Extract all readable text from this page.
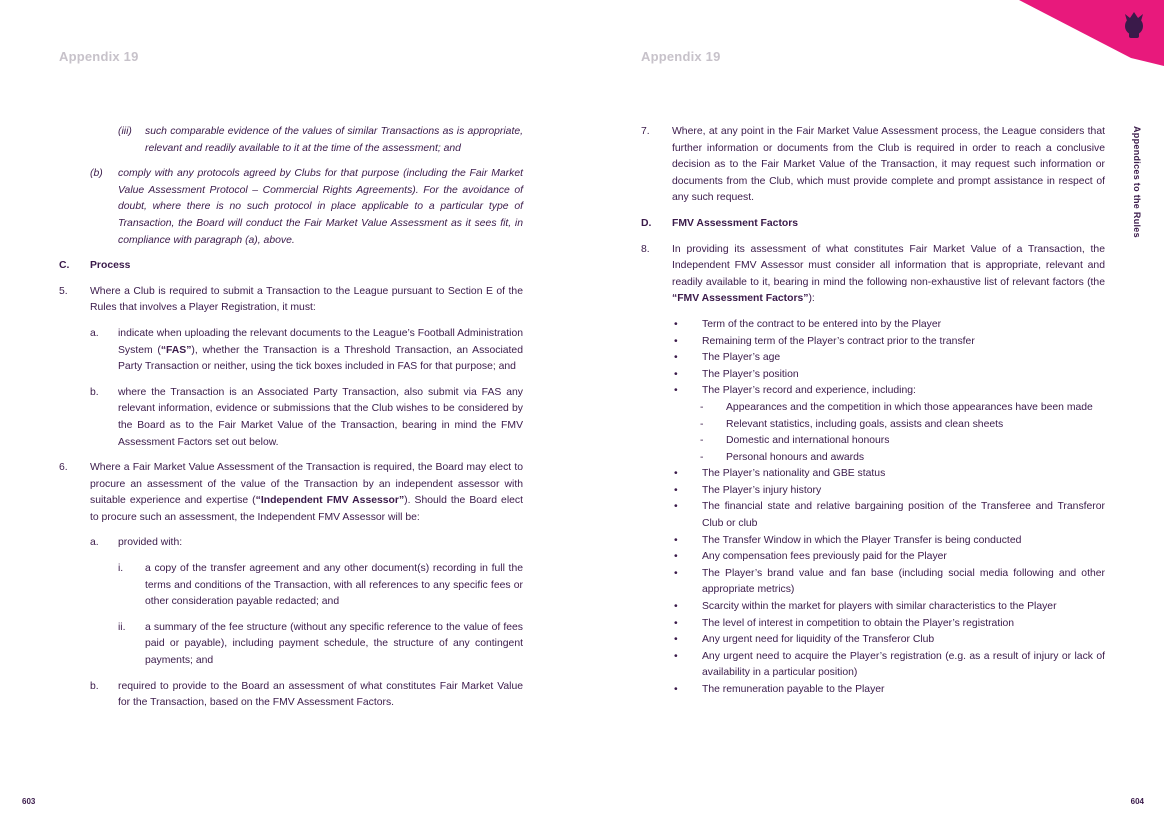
Appendix 19
(iii)	such comparable evidence of the values of similar Transactions as is appropriate, relevant and readily available to it at the time of the assessment; and
(b)	comply with any protocols agreed by Clubs for that purpose (including the Fair Market Value Assessment Protocol – Commercial Rights Agreements). For the avoidance of doubt, where there is no such protocol in place applicable to a particular type of Transaction, the Board will conduct the Fair Market Value Assessment as it sees fit, in compliance with paragraph (a), above.
C.	Process
5.	Where a Club is required to submit a Transaction to the League pursuant to Section E of the Rules that involves a Player Registration, it must:
a.	indicate when uploading the relevant documents to the League’s Football Administration System (“FAS”), whether the Transaction is a Threshold Transaction, an Associated Party Transaction or neither, using the tick boxes included in FAS for that purpose; and
b.	where the Transaction is an Associated Party Transaction, also submit via FAS any relevant information, evidence or submissions that the Club wishes to be considered by the Board as to the Fair Market Value of the Transaction, bearing in mind the FMV Assessment Factors set out below.
6.	Where a Fair Market Value Assessment of the Transaction is required, the Board may elect to procure an assessment of the value of the Transaction by an independent assessor with suitable experience and expertise (“Independent FMV Assessor”). Should the Board elect to procure such an assessment, the Independent FMV Assessor will be:
a.	provided with:
i.	a copy of the transfer agreement and any other document(s) recording in full the terms and conditions of the Transaction, with all references to any specific fees or other consideration payable redacted; and
ii.	a summary of the fee structure (without any specific reference to the value of fees paid or payable), including payment schedule, the structure of any contingent payments; and
b.	required to provide to the Board an assessment of what constitutes Fair Market Value for the Transaction, based on the FMV Assessment Factors.
603
Appendix 19
7.	Where, at any point in the Fair Market Value Assessment process, the League considers that further information or documents from the Club is required in order to reach a conclusive decision as to the Fair Market Value of the Transaction, it may request such information or documents from the Club, which must provide complete and prompt assistance in respect of any such request.
D.	FMV Assessment Factors
8.	In providing its assessment of what constitutes Fair Market Value of a Transaction, the Independent FMV Assessor must consider all information that is appropriate, relevant and readily available to it, bearing in mind the following non-exhaustive list of relevant factors (the “FMV Assessment Factors”):
•	Term of the contract to be entered into by the Player
•	Remaining term of the Player’s contract prior to the transfer
•	The Player’s age
•	The Player’s position
•	The Player’s record and experience, including:
-	Appearances and the competition in which those appearances have been made
-	Relevant statistics, including goals, assists and clean sheets
-	Domestic and international honours
-	Personal honours and awards
•	The Player’s nationality and GBE status
•	The Player’s injury history
•	The financial state and relative bargaining position of the Transferee and Transferor Club or club
•	The Transfer Window in which the Player Transfer is being conducted
•	Any compensation fees previously paid for the Player
•	The Player’s brand value and fan base (including social media following and other appropriate metrics)
•	Scarcity within the market for players with similar characteristics to the Player
•	The level of interest in competition to obtain the Player’s registration
•	Any urgent need for liquidity of the Transferor Club
•	Any urgent need to acquire the Player’s registration (e.g. as a result of injury or lack of availability in a particular position)
•	The remuneration payable to the Player
604
Appendices to the Rules
